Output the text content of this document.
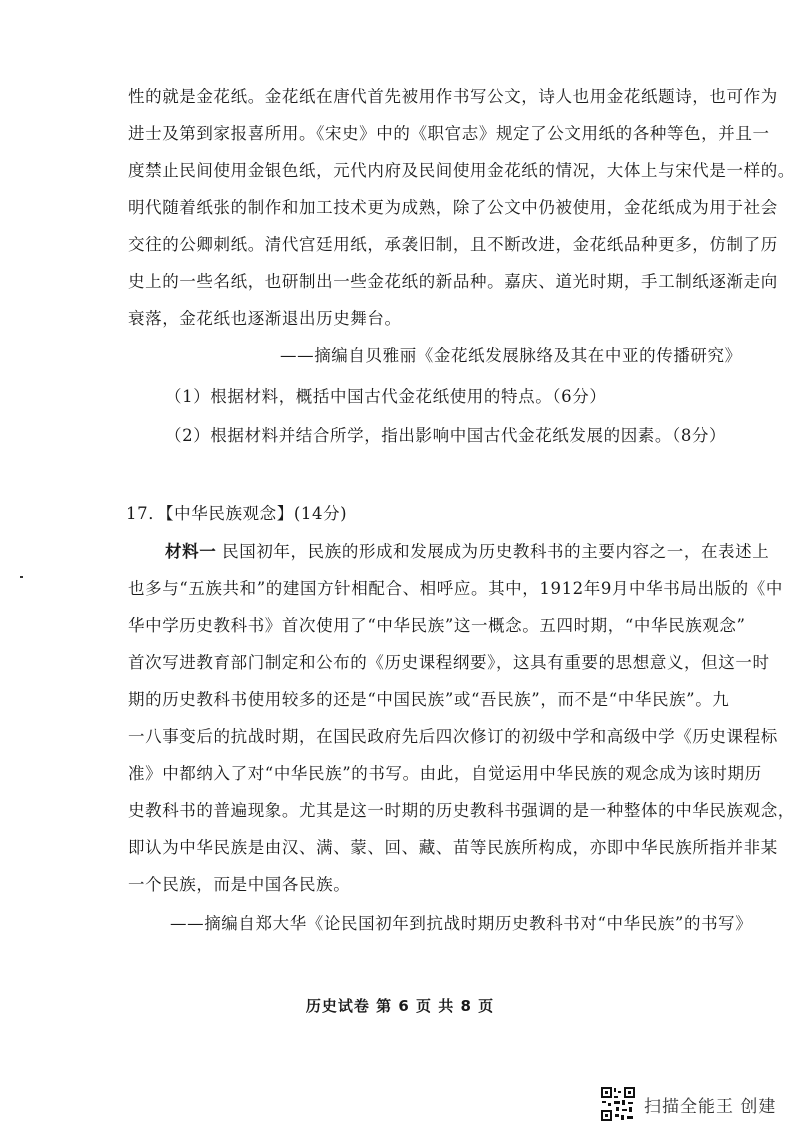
性的就是金花纸。金花纸在唐代首先被用作书写公文，诗人也用金花纸题诗，也可作为
进士及第到家报喜所用。《宋史》中的《职官志》规定了公文用纸的各种等色，并且一
度禁止民间使用金银色纸，元代内府及民间使用金花纸的情况，大体上与宋代是一样的。
明代随着纸张的制作和加工技术更为成熟，除了公文中仍被使用，金花纸成为用于社会
交往的公卿刺纸。清代宫廷用纸，承袭旧制，且不断改进，金花纸品种更多，仿制了历
史上的一些名纸，也研制出一些金花纸的新品种。嘉庆、道光时期，手工制纸逐渐走向
衰落，金花纸也逐渐退出历史舞台。
——摘编自贝雅丽《金花纸发展脉络及其在中亚的传播研究》
（1）根据材料，概括中国古代金花纸使用的特点。（6分）
（2）根据材料并结合所学，指出影响中国古代金花纸发展的因素。（8分）
17．【中华民族观念】(14分)
材料一 民国初年，民族的形成和发展成为历史教科书的主要内容之一，在表述上
也多与“五族共和”的建国方针相配合、相呼应。其中，1912年9月中华书局出版的《中
华中学历史教科书》首次使用了“中华民族”这一概念。五四时期，“中华民族观念”
首次写进教育部门制定和公布的《历史课程纲要》，这具有重要的思想意义，但这一时
期的历史教科书使用较多的还是“中国民族”或“吾民族”，而不是“中华民族”。九
一八事变后的抗战时期，在国民政府先后四次修订的初级中学和高级中学《历史课程标
准》中都纳入了对“中华民族”的书写。由此，自觉运用中华民族的观念成为该时期历
史教科书的普遍现象。尤其是这一时期的历史教科书强调的是一种整体的中华民族观念，
即认为中华民族是由汉、满、蒙、回、藏、苗等民族所构成，亦即中华民族所指并非某
一个民族，而是中国各民族。
——摘编自郑大华《论民国初年到抗战时期历史教科书对“中华民族”的书写》
历史试卷 第 6 页 共 8 页
扫描全能王 创建
